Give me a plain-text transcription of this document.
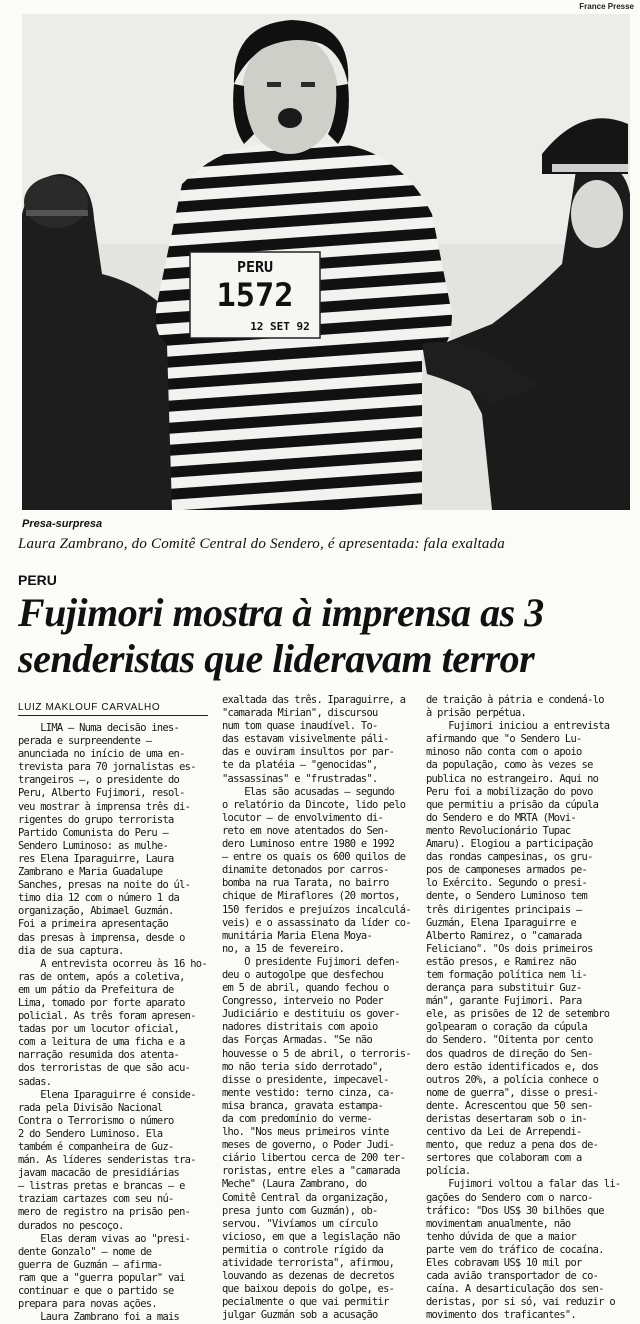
France Presse
PERU
1572
12 SET 92
Presa-surpresa
Laura Zambrano, do Comitê Central do Sendero, é apresentada: fala exaltada
PERU
Fujimori mostra à imprensa as 3 senderistas que lideravam terror
LUIZ MAKLOUF CARVALHO
LIMA — Numa decisão ines-
perada e surpreendente —
anunciada no início de uma en-
trevista para 70 jornalistas es-
trangeiros —, o presidente do
Peru, Alberto Fujimori, resol-
veu mostrar à imprensa três di-
rigentes do grupo terrorista
Partido Comunista do Peru —
Sendero Luminoso: as mulhe-
res Elena Iparaguirre, Laura
Zambrano e Maria Guadalupe
Sanches, presas na noite do úl-
timo dia 12 com o número 1 da
organização, Abimael Guzmán.
Foi a primeira apresentação
das presas à imprensa, desde o
dia de sua captura.
A entrevista ocorreu às 16 ho-
ras de ontem, após a coletiva,
em um pátio da Prefeitura de
Lima, tomado por forte aparato
policial. As três foram apresen-
tadas por um locutor oficial,
com a leitura de uma ficha e a
narração resumida dos atenta-
dos terroristas de que são acu-
sadas.
Elena Iparaguirre é conside-
rada pela Divisão Nacional
Contra o Terrorismo o número
2 do Sendero Luminoso. Ela
também é companheira de Guz-
mán. As líderes senderistas tra-
javam macacão de presidiárias
— listras pretas e brancas — e
traziam cartazes com seu nú-
mero de registro na prisão pen-
durados no pescoço.
Elas deram vivas ao "presi-
dente Gonzalo" — nome de
guerra de Guzmán — afirma-
ram que a "guerra popular" vai
continuar e que o partido se
prepara para novas ações.
Laura Zambrano foi a mais
exaltada das três. Iparaguirre, a
"camarada Mirian", discursou
num tom quase inaudível. To-
das estavam visivelmente páli-
das e ouviram insultos por par-
te da platéia — "genocidas",
"assassinas" e "frustradas".
Elas são acusadas — segundo
o relatório da Dincote, lido pelo
locutor — de envolvimento di-
reto em nove atentados do Sen-
dero Luminoso entre 1980 e 1992
— entre os quais os 600 quilos de
dinamite detonados por carros-
bomba na rua Tarata, no bairro
chique de Miraflores (20 mortos,
150 feridos e prejuízos incalculá-
veis) e o assassinato da líder co-
munitária Maria Elena Moya-
no, a 15 de fevereiro.
O presidente Fujimori defen-
deu o autogolpe que desfechou
em 5 de abril, quando fechou o
Congresso, interveio no Poder
Judiciário e destituiu os gover-
nadores distritais com apoio
das Forças Armadas. "Se não
houvesse o 5 de abril, o terroris-
mo não teria sido derrotado",
disse o presidente, impecavel-
mente vestido: terno cinza, ca-
misa branca, gravata estampa-
da com predomínio do verme-
lho. "Nos meus primeiros vinte
meses de governo, o Poder Judi-
ciário libertou cerca de 200 ter-
roristas, entre eles a "camarada
Meche" (Laura Zambrano, do
Comitê Central da organização,
presa junto com Guzmán), ob-
servou. "Vivíamos um círculo
vicioso, em que a legislação não
permitia o controle rígido da
atividade terrorista", afirmou,
louvando as dezenas de decretos
que baixou depois do golpe, es-
pecialmente o que vai permitir
julgar Guzmán sob a acusação
de traição à pátria e condená-lo
à prisão perpétua.
Fujimori iniciou a entrevista
afirmando que "o Sendero Lu-
minoso não conta com o apoio
da população, como às vezes se
publica no estrangeiro. Aqui no
Peru foi a mobilização do povo
que permitiu a prisão da cúpula
do Sendero e do MRTA (Movi-
mento Revolucionário Tupac
Amaru). Elogiou a participação
das rondas campesinas, os gru-
pos de camponeses armados pe-
lo Exército. Segundo o presi-
dente, o Sendero Luminoso tem
três dirigentes principais —
Guzmán, Elena Iparaguirre e
Alberto Ramirez, o "camarada
Feliciano". "Os dois primeiros
estão presos, e Ramirez não
tem formação política nem li-
derança para substituir Guz-
mán", garante Fujimori. Para
ele, as prisões de 12 de setembro
golpearam o coração da cúpula
do Sendero. "Oitenta por cento
dos quadros de direção do Sen-
dero estão identificados e, dos
outros 20%, a polícia conhece o
nome de guerra", disse o presi-
dente. Acrescentou que 50 sen-
deristas desertaram sob o in-
centivo da Lei de Arrependi-
mento, que reduz a pena dos de-
sertores que colaboram com a
polícia.
Fujimori voltou a falar das li-
gações do Sendero com o narco-
tráfico: "Dos US$ 30 bilhões que
movimentam anualmente, não
tenho dúvida de que a maior
parte vem do tráfico de cocaína.
Eles cobravam US$ 10 mil por
cada avião transportador de co-
caína. A desarticulação dos sen-
deristas, por si só, vai reduzir o
movimento dos traficantes".
